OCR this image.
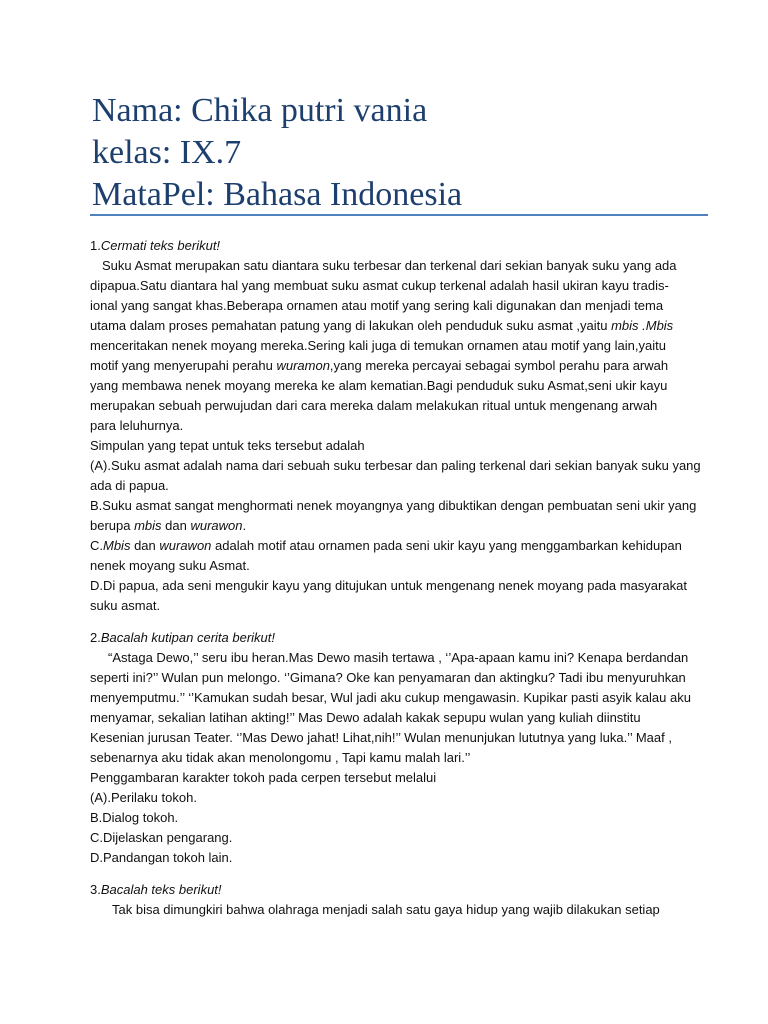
Nama: Chika putri vania
kelas: IX.7
MataPel: Bahasa Indonesia
1.Cermati teks berikut!
Suku Asmat merupakan satu diantara suku terbesar dan terkenal dari sekian banyak suku yang ada
dipapua.Satu diantara hal yang membuat suku asmat cukup terkenal adalah hasil ukiran kayu tradis-
ional yang sangat khas.Beberapa ornamen atau motif yang sering kali digunakan dan menjadi tema
utama dalam proses pemahatan patung yang di lakukan oleh penduduk suku asmat ,yaitu mbis .Mbis
menceritakan nenek moyang mereka.Sering kali juga di temukan ornamen atau motif yang lain,yaitu
motif yang menyerupahi perahu wuramon,yang mereka percayai sebagai symbol perahu para arwah
yang membawa nenek moyang mereka ke alam kematian.Bagi penduduk suku Asmat,seni ukir kayu
merupakan sebuah perwujudan dari cara mereka dalam melakukan ritual untuk mengenang arwah
para leluhurnya.
Simpulan yang tepat untuk teks tersebut adalah
(A).Suku asmat adalah nama dari sebuah suku terbesar dan paling terkenal dari sekian banyak suku yang
ada di papua.
B.Suku asmat sangat menghormati nenek moyangnya yang dibuktikan dengan pembuatan seni ukir yang
berupa mbis dan wurawon.
C.Mbis dan wurawon adalah motif atau ornamen pada seni ukir kayu yang menggambarkan kehidupan
nenek moyang suku Asmat.
D.Di papua, ada seni mengukir kayu yang ditujukan untuk mengenang nenek moyang pada masyarakat
suku asmat.
2.Bacalah kutipan cerita berikut!
“Astaga Dewo,’’ seru ibu heran.Mas Dewo masih tertawa , ‘’Apa-apaan kamu ini? Kenapa berdandan
seperti ini?’’ Wulan pun melongo. ‘’Gimana? Oke kan penyamaran dan aktingku? Tadi ibu menyuruhkan
menyemputmu.’’ ‘’Kamukan sudah besar, Wul jadi aku cukup mengawasin. Kupikar pasti asyik kalau aku
menyamar, sekalian latihan akting!’’ Mas Dewo adalah kakak sepupu wulan yang kuliah diinstitu
Kesenian jurusan Teater. ‘’Mas Dewo jahat! Lihat,nih!’’ Wulan menunjukan lututnya yang luka.’’ Maaf ,
sebenarnya aku tidak akan menolongomu , Tapi kamu malah lari.’’
Penggambaran karakter tokoh pada cerpen tersebut melalui
(A).Perilaku tokoh.
B.Dialog tokoh.
C.Dijelaskan pengarang.
D.Pandangan tokoh lain.
3.Bacalah teks berikut!
Tak bisa dimungkiri bahwa olahraga menjadi salah satu gaya hidup yang wajib dilakukan setiap
